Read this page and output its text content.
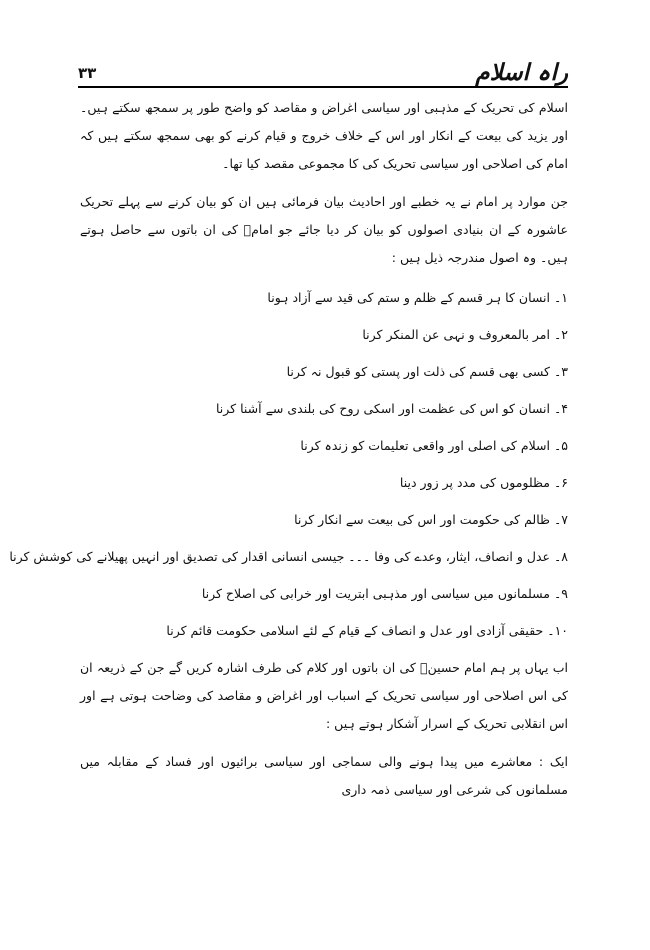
راہ اسلام
۳۳

اسلام کی تحریک کے مذہبی اور سیاسی اغراض و مقاصد کو واضح طور پر سمجھ سکتے ہیں۔ اور یزید کی بیعت کے انکار اور اس کے خلاف خروج و قیام کرنے کو بھی سمجھ سکتے ہیں کہ امام کی اصلاحی اور سیاسی تحریک کی کا مجموعی مقصد کیا تھا۔

جن موارد پر امام نے یہ خطبے اور احادیث بیان فرمائی ہیں ان کو بیان کرنے سے پہلے تحریک عاشورہ کے ان بنیادی اصولوں کو بیان کر دیا جائے جو امامؑ کی ان باتوں سے حاصل ہوتے ہیں۔ وہ اصول مندرجہ ذیل ہیں :

۱۔ انسان کا ہر قسم کے ظلم و ستم کی قید سے آزاد ہونا
۲۔ امر بالمعروف و نہی عن المنکر کرنا
۳۔ کسی بھی قسم کی ذلت اور پستی کو قبول نہ کرنا
۴۔ انسان کو اس کی عظمت اور اسکی روح کی بلندی سے آشنا کرنا
۵۔ اسلام کی اصلی اور واقعی تعلیمات کو زندہ کرنا
۶۔ مظلوموں کی مدد پر زور دینا
۷۔ ظالم کی حکومت اور اس کی بیعت سے انکار کرنا
۸۔ عدل و انصاف، ایثار، وعدے کی وفا ۔۔۔ جیسی انسانی اقدار کی تصدیق اور انہیں پھیلانے کی کوشش کرنا
۹۔ مسلمانوں میں سیاسی اور مذہبی ابتریت اور خرابی کی اصلاح کرنا
۱۰۔ حقیقی آزادی اور عدل و انصاف کے قیام کے لئے اسلامی حکومت قائم کرنا

اب یہاں پر ہم امام حسینؑ کی ان باتوں اور کلام کی طرف اشارہ کریں گے جن کے ذریعہ ان کی اس اصلاحی اور سیاسی تحریک کے اسباب اور اغراض و مقاصد کی وضاحت ہوتی ہے اور اس انقلابی تحریک کے اسرار آشکار ہوتے ہیں :

ایک : معاشرے میں پیدا ہونے والی سماجی اور سیاسی برائیوں اور فساد کے مقابلہ میں مسلمانوں کی شرعی اور سیاسی ذمہ داری
